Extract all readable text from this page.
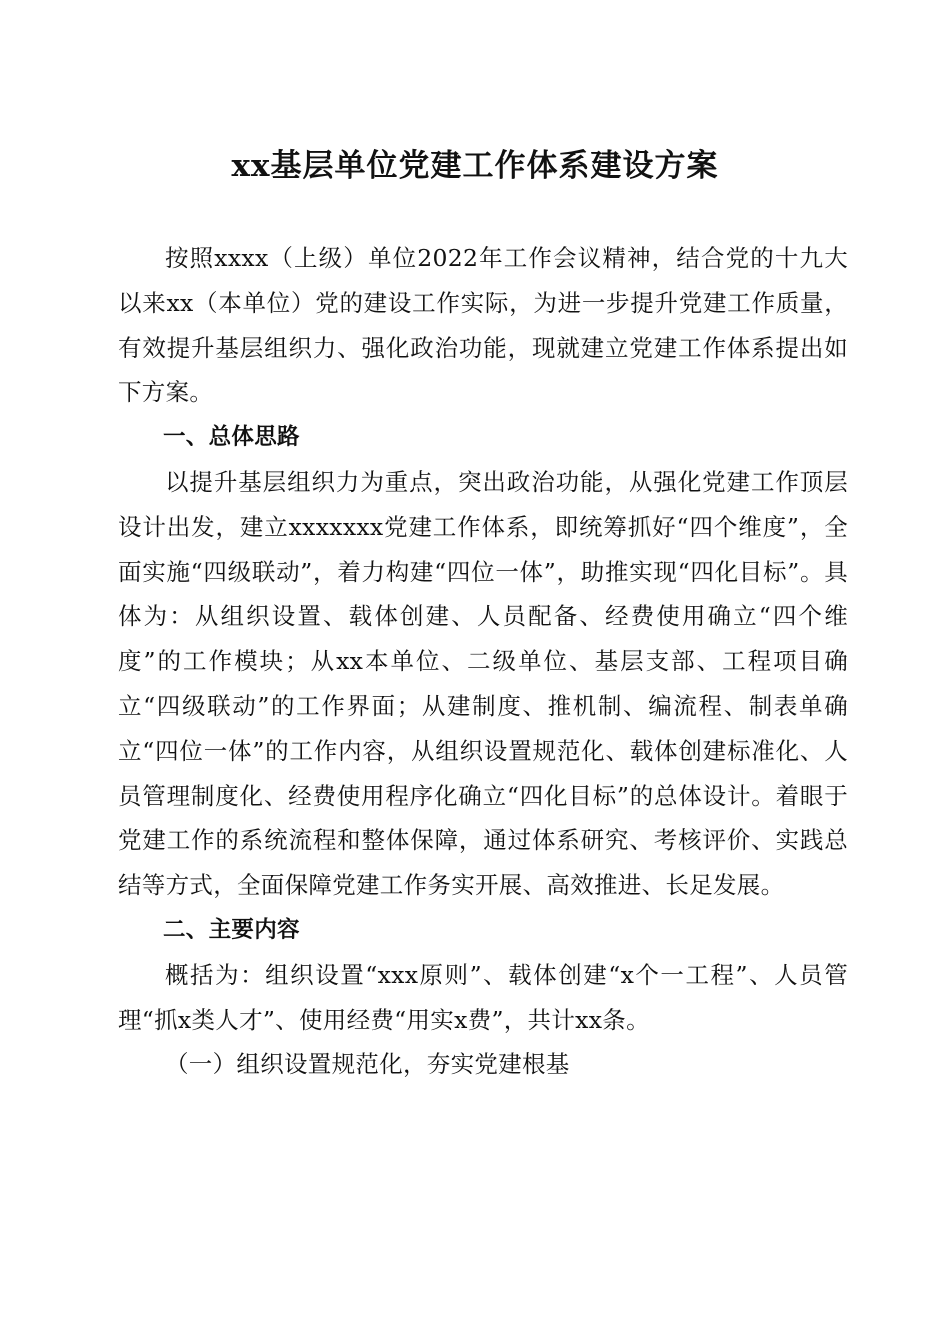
xx基层单位党建工作体系建设方案

按照xxxx（上级）单位2022年工作会议精神，结合党的十九大以来xx（本单位）党的建设工作实际，为进一步提升党建工作质量，有效提升基层组织力、强化政治功能，现就建立党建工作体系提出如下方案。

一、总体思路

以提升基层组织力为重点，突出政治功能，从强化党建工作顶层设计出发，建立xxxxxxx党建工作体系，即统筹抓好“四个维度”，全面实施“四级联动”，着力构建“四位一体”，助推实现“四化目标”。具体为：从组织设置、载体创建、人员配备、经费使用确立“四个维度”的工作模块；从xx本单位、二级单位、基层支部、工程项目确立“四级联动”的工作界面；从建制度、推机制、编流程、制表单确立“四位一体”的工作内容，从组织设置规范化、载体创建标准化、人员管理制度化、经费使用程序化确立“四化目标”的总体设计。着眼于党建工作的系统流程和整体保障，通过体系研究、考核评价、实践总结等方式，全面保障党建工作务实开展、高效推进、长足发展。

二、主要内容

概括为：组织设置“xxx原则”、载体创建“x个一工程”、人员管理“抓x类人才”、使用经费“用实x费”，共计xx条。

（一）组织设置规范化，夯实党建根基
